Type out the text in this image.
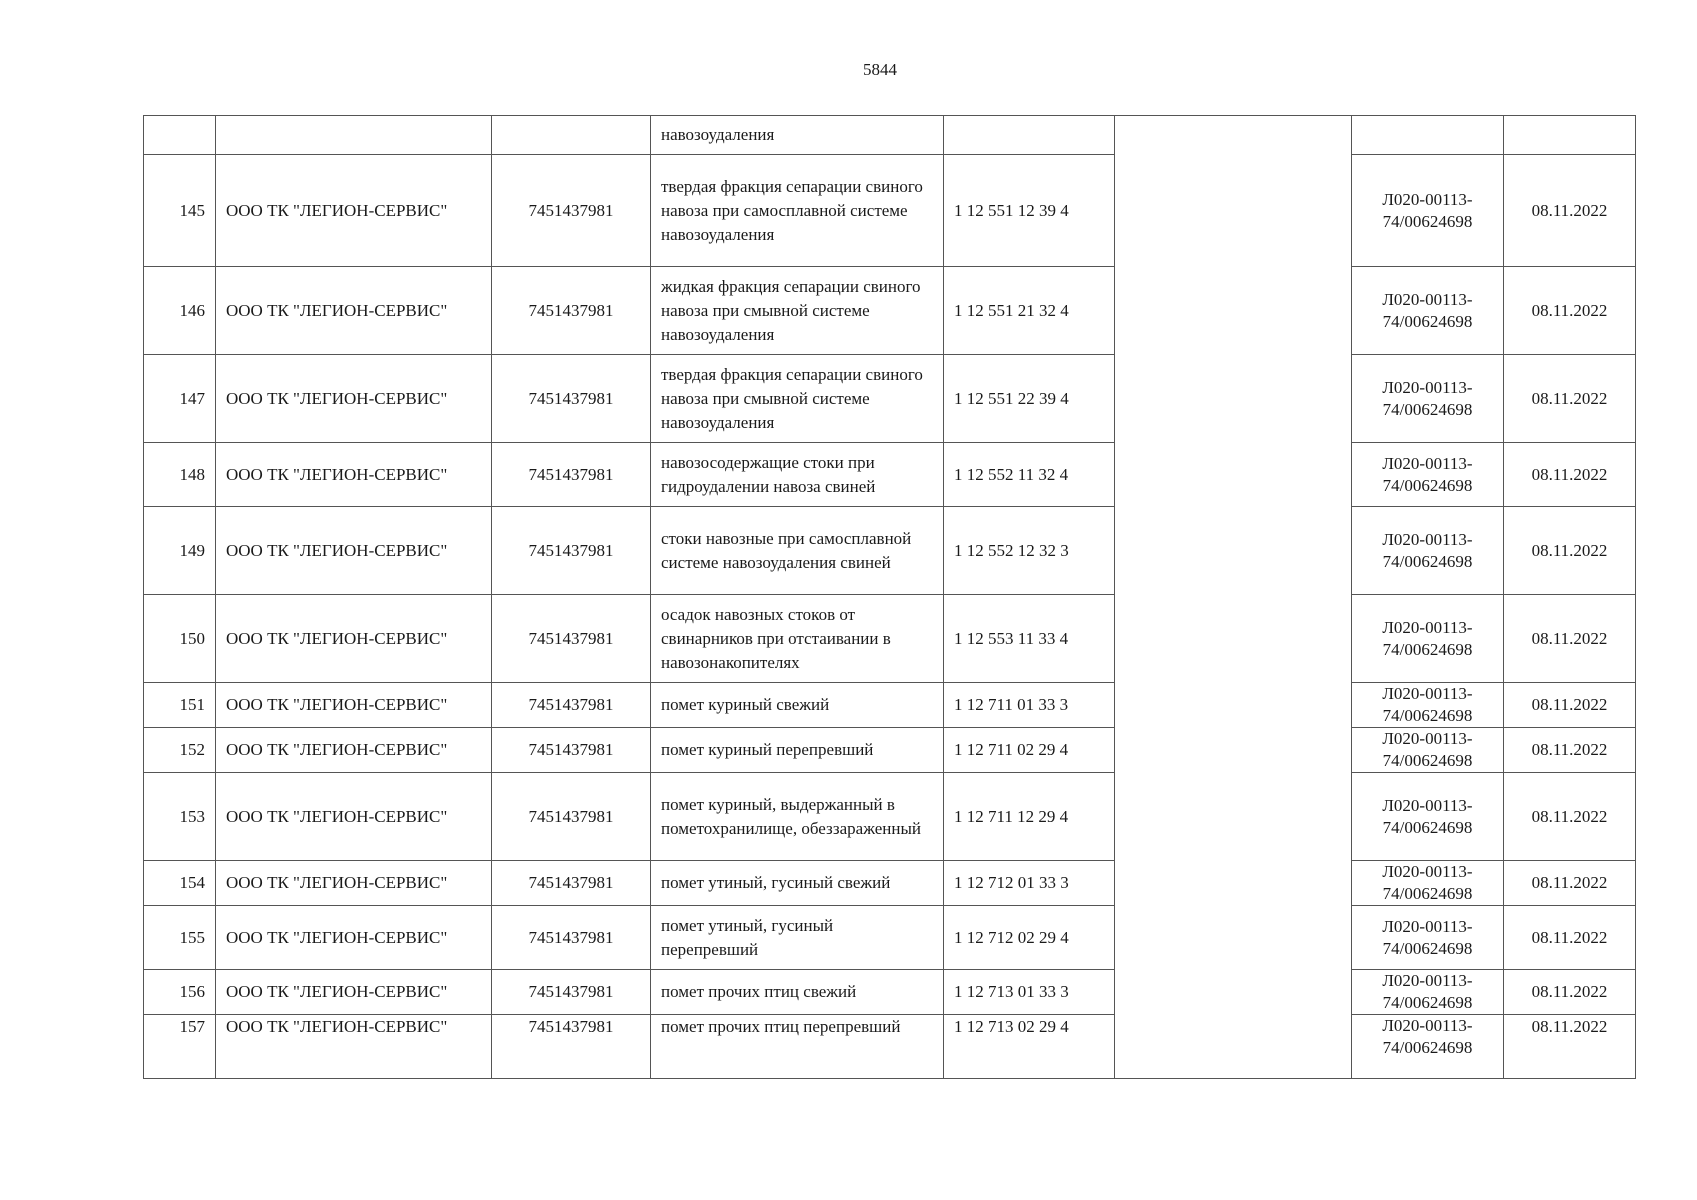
5844
			навозоудаления				
145	ООО ТК "ЛЕГИОН-СЕРВИС"	7451437981	твердая фракция сепарации свиного навоза при самосплавной системе навозоудаления	1 12 551 12 39 4		Л020-00113-74/00624698	08.11.2022
146	ООО ТК "ЛЕГИОН-СЕРВИС"	7451437981	жидкая фракция сепарации свиного навоза при смывной системе навозоудаления	1 12 551 21 32 4		Л020-00113-74/00624698	08.11.2022
147	ООО ТК "ЛЕГИОН-СЕРВИС"	7451437981	твердая фракция сепарации свиного навоза при смывной системе навозоудаления	1 12 551 22 39 4		Л020-00113-74/00624698	08.11.2022
148	ООО ТК "ЛЕГИОН-СЕРВИС"	7451437981	навозосодержащие стоки при гидроудалении навоза свиней	1 12 552 11 32 4		Л020-00113-74/00624698	08.11.2022
149	ООО ТК "ЛЕГИОН-СЕРВИС"	7451437981	стоки навозные при самосплавной системе навозоудаления свиней	1 12 552 12 32 3		Л020-00113-74/00624698	08.11.2022
150	ООО ТК "ЛЕГИОН-СЕРВИС"	7451437981	осадок навозных стоков от свинарников при отстаивании в навозонакопителях	1 12 553 11 33 4		Л020-00113-74/00624698	08.11.2022
151	ООО ТК "ЛЕГИОН-СЕРВИС"	7451437981	помет куриный свежий	1 12 711 01 33 3		Л020-00113-74/00624698	08.11.2022
152	ООО ТК "ЛЕГИОН-СЕРВИС"	7451437981	помет куриный перепревший	1 12 711 02 29 4		Л020-00113-74/00624698	08.11.2022
153	ООО ТК "ЛЕГИОН-СЕРВИС"	7451437981	помет куриный, выдержанный в пометохранилище, обеззараженный	1 12 711 12 29 4		Л020-00113-74/00624698	08.11.2022
154	ООО ТК "ЛЕГИОН-СЕРВИС"	7451437981	помет утиный, гусиный свежий	1 12 712 01 33 3		Л020-00113-74/00624698	08.11.2022
155	ООО ТК "ЛЕГИОН-СЕРВИС"	7451437981	помет утиный, гусиный перепревший	1 12 712 02 29 4		Л020-00113-74/00624698	08.11.2022
156	ООО ТК "ЛЕГИОН-СЕРВИС"	7451437981	помет прочих птиц свежий	1 12 713 01 33 3		Л020-00113-74/00624698	08.11.2022
157	ООО ТК "ЛЕГИОН-СЕРВИС"	7451437981	помет прочих птиц перепревший	1 12 713 02 29 4		Л020-00113-74/00624698	08.11.2022
